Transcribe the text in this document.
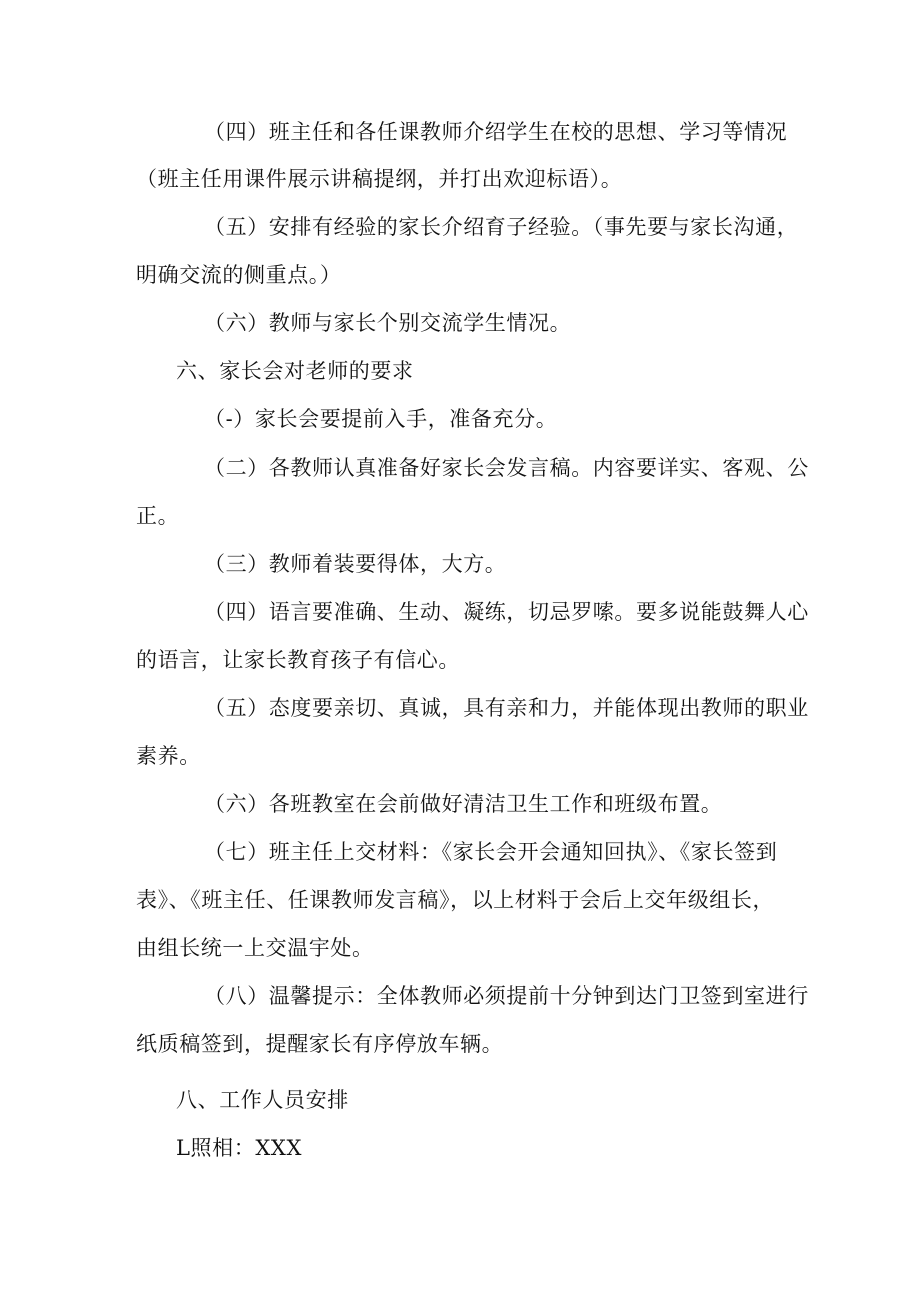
（四）班主任和各任课教师介绍学生在校的思想、学习等情况
（班主任用课件展示讲稿提纲，并打出欢迎标语）。
（五）安排有经验的家长介绍育子经验。（事先要与家长沟通，
明确交流的侧重点。）
（六）教师与家长个别交流学生情况。
六、家长会对老师的要求
（-）家长会要提前入手，准备充分。
（二）各教师认真准备好家长会发言稿。内容要详实、客观、公
正。
（三）教师着装要得体，大方。
（四）语言要准确、生动、凝练，切忌罗嗦。要多说能鼓舞人心
的语言，让家长教育孩子有信心。
（五）态度要亲切、真诚，具有亲和力，并能体现出教师的职业
素养。
（六）各班教室在会前做好清洁卫生工作和班级布置。
（七）班主任上交材料：《家长会开会通知回执》、《家长签到
表》、《班主任、任课教师发言稿》，以上材料于会后上交年级组长，
由组长统一上交温宇处。
（八）温馨提示：全体教师必须提前十分钟到达门卫签到室进行
纸质稿签到，提醒家长有序停放车辆。
八、工作人员安排
L照相：XXX
